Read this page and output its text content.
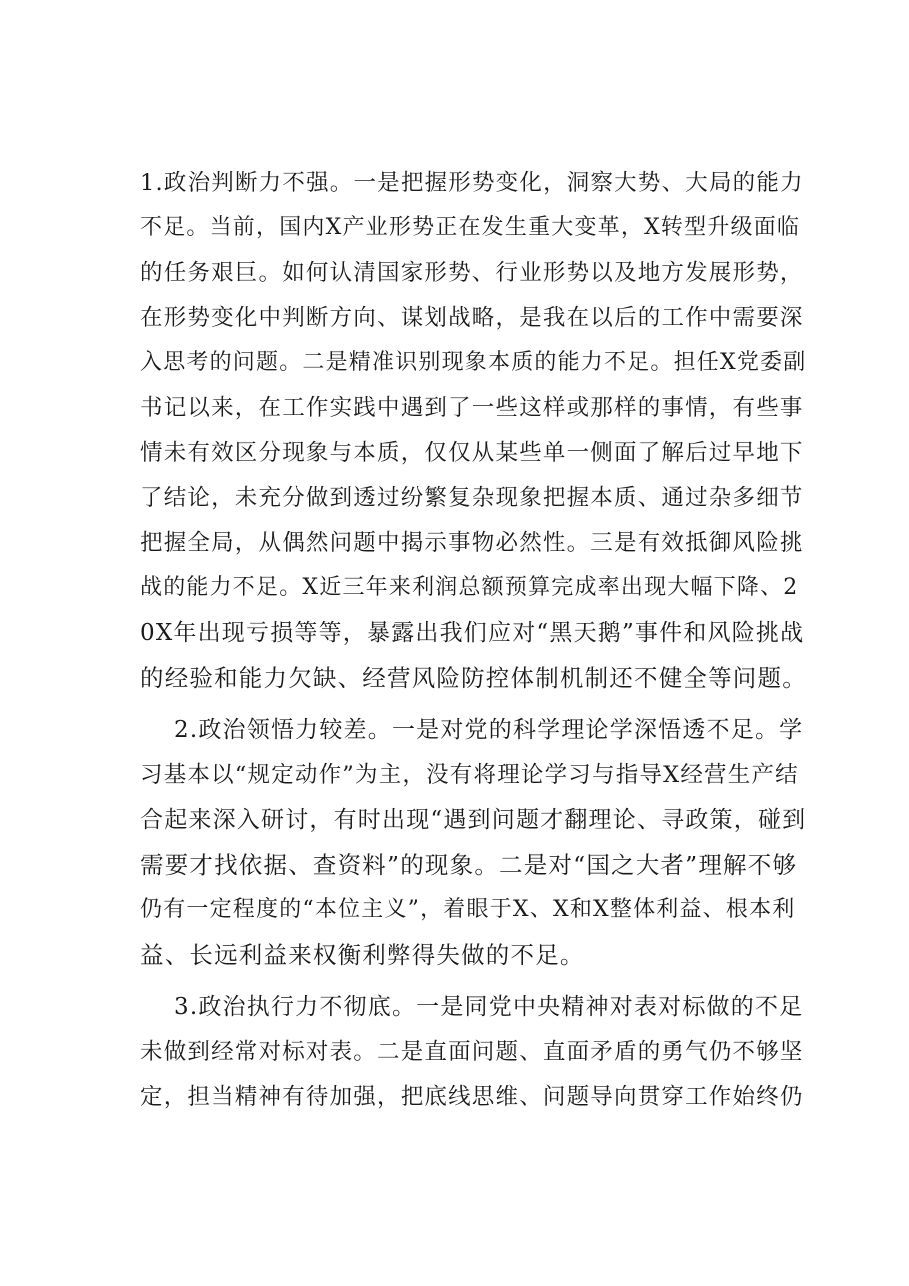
1.政治判断力不强。一是把握形势变化，洞察大势、大局的能力
不足。当前，国内X产业形势正在发生重大变革，X转型升级面临
的任务艰巨。如何认清国家形势、行业形势以及地方发展形势，
在形势变化中判断方向、谋划战略，是我在以后的工作中需要深
入思考的问题。二是精准识别现象本质的能力不足。担任X党委副
书记以来，在工作实践中遇到了一些这样或那样的事情，有些事
情未有效区分现象与本质，仅仅从某些单一侧面了解后过早地下
了结论，未充分做到透过纷繁复杂现象把握本质、通过杂多细节
把握全局，从偶然问题中揭示事物必然性。三是有效抵御风险挑
战的能力不足。X近三年来利润总额预算完成率出现大幅下降、2
0X年出现亏损等等，暴露出我们应对“黑天鹅”事件和风险挑战
的经验和能力欠缺、经营风险防控体制机制还不健全等问题。
2.政治领悟力较差。一是对党的科学理论学深悟透不足。学
习基本以“规定动作”为主，没有将理论学习与指导X经营生产结
合起来深入研讨，有时出现“遇到问题才翻理论、寻政策，碰到
需要才找依据、查资料”的现象。二是对“国之大者”理解不够
仍有一定程度的“本位主义”，着眼于X、X和X整体利益、根本利
益、长远利益来权衡利弊得失做的不足。
3.政治执行力不彻底。一是同党中央精神对表对标做的不足
未做到经常对标对表。二是直面问题、直面矛盾的勇气仍不够坚
定，担当精神有待加强，把底线思维、问题导向贯穿工作始终仍
